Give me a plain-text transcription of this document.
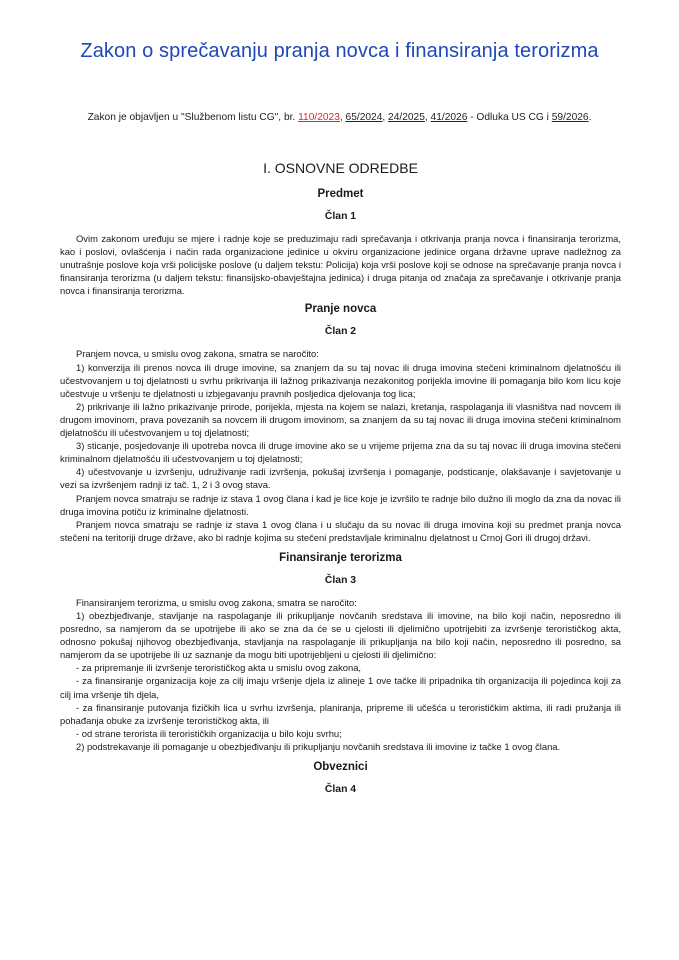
Zakon o sprečavanju pranja novca i finansiranja terorizma
Zakon je objavljen u "Službenom listu CG", br. 110/2023, 65/2024, 24/2025, 41/2026 - Odluka US CG i 59/2026.
I. OSNOVNE ODREDBE
Predmet
Član 1

Ovim zakonom uređuju se mjere i radnje koje se preduzimaju radi sprečavanja i otkrivanja pranja novca i finansiranja terorizma, kao i poslovi, ovlašćenja i način rada organizacione jedinice u okviru organizacione jedinice organa državne uprave nadležnog za unutrašnje poslove koja vrši policijske poslove (u daljem tekstu: Policija) koja vrši poslove koji se odnose na sprečavanje pranja novca i finansiranja terorizma (u daljem tekstu: finansijsko-obavještajna jedinica) i druga pitanja od značaja za sprečavanje i otkrivanje pranja novca i finansiranja terorizma.

Pranje novca
Član 2

Pranjem novca, u smislu ovog zakona, smatra se naročito:

1) konverzija ili prenos novca ili druge imovine, sa znanjem da su taj novac ili druga imovina stečeni kriminalnom djelatnošću ili učestvovanjem u toj djelatnosti u svrhu prikrivanja ili lažnog prikazivanja nezakonitog porijekla imovine ili pomaganja bilo kom licu koje učestvuje u vršenju te djelatnosti u izbjegavanju pravnih posljedica djelovanja tog lica;

2) prikrivanje ili lažno prikazivanje prirode, porijekla, mjesta na kojem se nalazi, kretanja, raspolaganja ili vlasništva nad novcem ili drugom imovinom, prava povezanih sa novcem ili drugom imovinom, sa znanjem da su taj novac ili druga imovina stečeni kriminalnom djelatnošću ili učestvovanjem u toj djelatnosti;

3) sticanje, posjedovanje ili upotreba novca ili druge imovine ako se u vrijeme prijema zna da su taj novac ili druga imovina stečeni kriminalnom djelatnošću ili učestvovanjem u toj djelatnosti;

4) učestvovanje u izvršenju, udruživanje radi izvršenja, pokušaj izvršenja i pomaganje, podsticanje, olakšavanje i savjetovanje u vezi sa izvršenjem radnji iz tač. 1, 2 i 3 ovog stava.

Pranjem novca smatraju se radnje iz stava 1 ovog člana i kad je lice koje je izvršilo te radnje bilo dužno ili moglo da zna da novac ili druga imovina potiču iz kriminalne djelatnosti.

Pranjem novca smatraju se radnje iz stava 1 ovog člana i u slučaju da su novac ili druga imovina koji su predmet pranja novca stečeni na teritoriji druge države, ako bi radnje kojima su stečeni predstavljale kriminalnu djelatnost u Crnoj Gori ili drugoj državi.

Finansiranje terorizma
Član 3

Finansiranjem terorizma, u smislu ovog zakona, smatra se naročito:

1) obezbjeđivanje, stavljanje na raspolaganje ili prikupljanje novčanih sredstava ili imovine, na bilo koji način, neposredno ili posredno, sa namjerom da se upotrijebe ili ako se zna da će se u cjelosti ili djelimično upotrijebiti za izvršenje terorističkog akta, odnosno pokušaj njihovog obezbjeđivanja, stavljanja na raspolaganje ili prikupljanja na bilo koji način, neposredno ili posredno, sa namjerom da se upotrijebe ili uz saznanje da mogu biti upotrijebljeni u cjelosti ili djelimično:

- za pripremanje ili izvršenje terorističkog akta u smislu ovog zakona,

- za finansiranje organizacija koje za cilj imaju vršenje djela iz alineje 1 ove tačke ili pripadnika tih organizacija ili pojedinca koji za cilj ima vršenje tih djela,

- za finansiranje putovanja fizičkih lica u svrhu izvršenja, planiranja, pripreme ili učešća u terorističkim aktima, ili radi pružanja ili pohađanja obuke za izvršenje terorističkog akta, ili

- od strane terorista ili terorističkih organizacija u bilo koju svrhu;

2) podstrekavanje ili pomaganje u obezbjeđivanju ili prikupljanju novčanih sredstava ili imovine iz tačke 1 ovog člana.

Obveznici
Član 4
